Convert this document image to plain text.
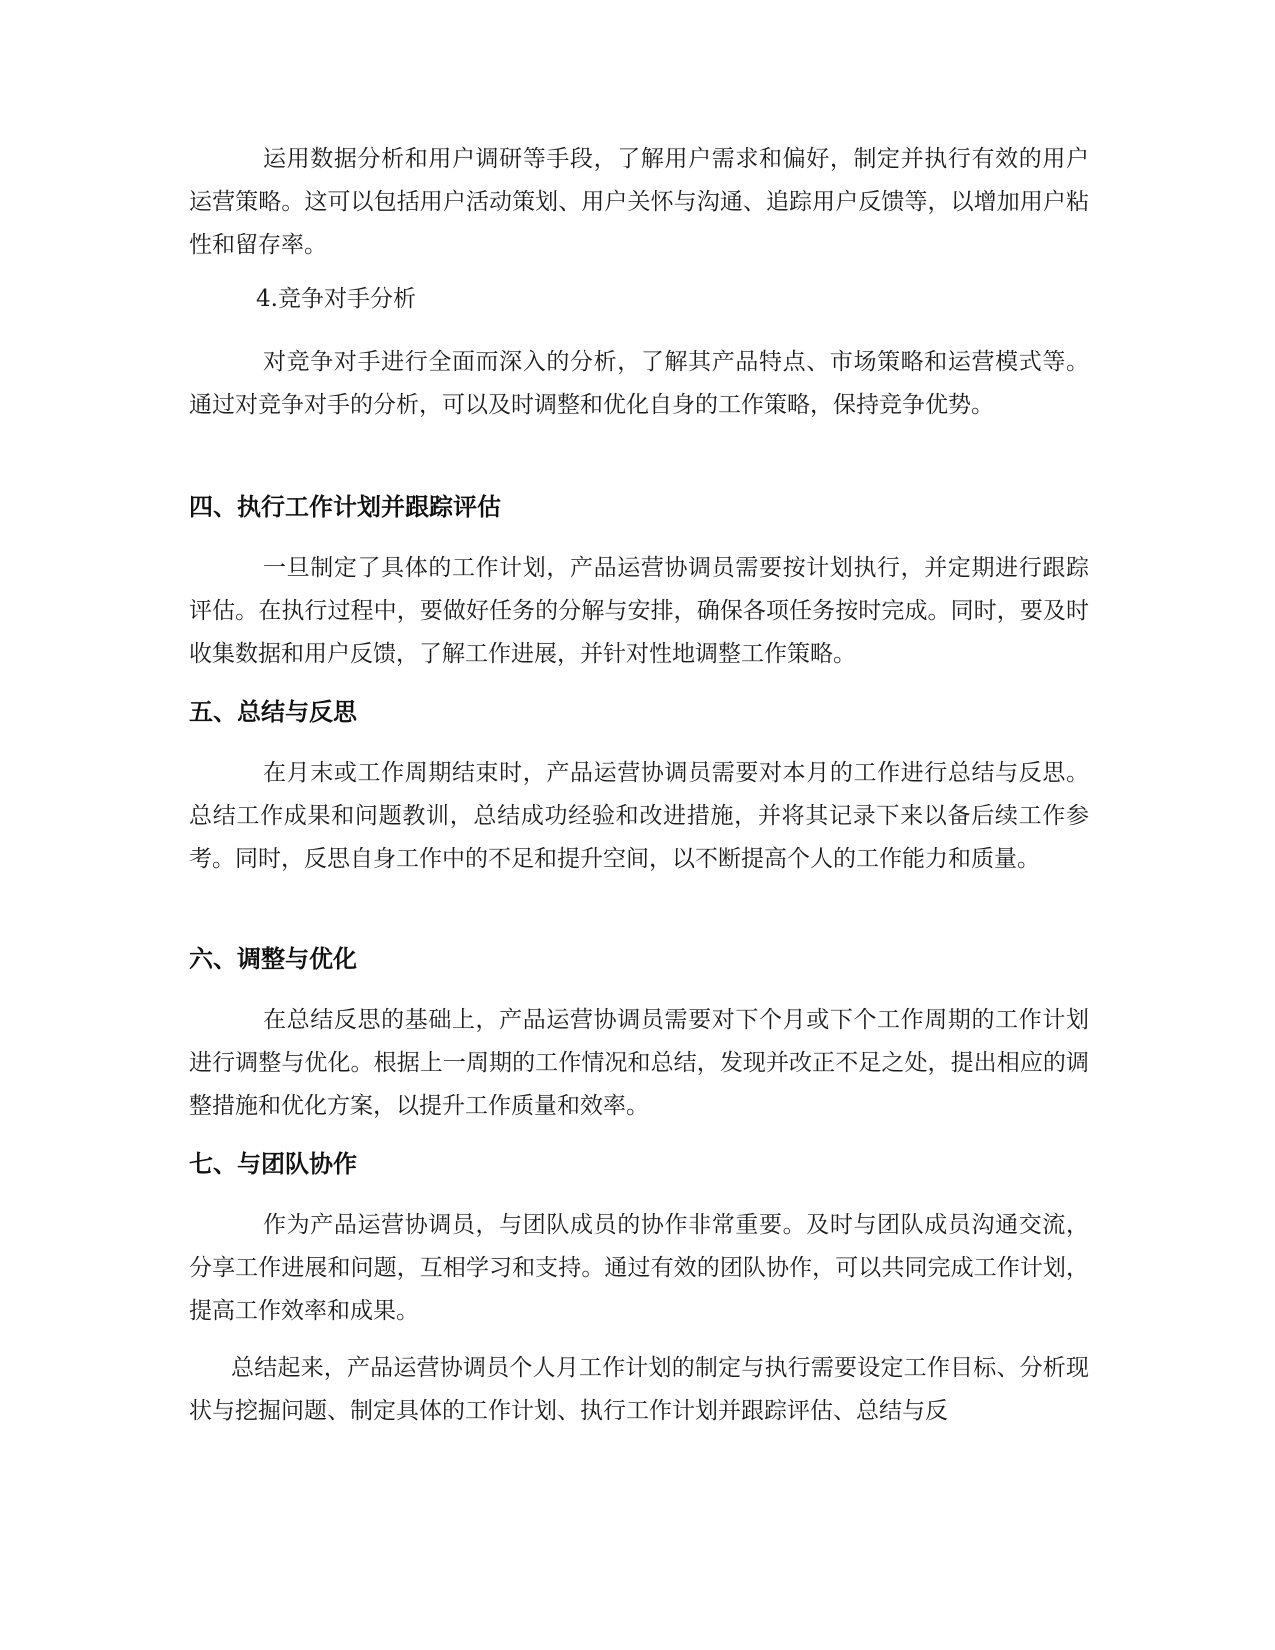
运用数据分析和用户调研等手段，了解用户需求和偏好，制定并执行有效的用户运营策略。这可以包括用户活动策划、用户关怀与沟通、追踪用户反馈等，以增加用户粘性和留存率。

4.竞争对手分析

对竞争对手进行全面而深入的分析，了解其产品特点、市场策略和运营模式等。通过对竞争对手的分析，可以及时调整和优化自身的工作策略，保持竞争优势。

四、执行工作计划并跟踪评估

一旦制定了具体的工作计划，产品运营协调员需要按计划执行，并定期进行跟踪评估。在执行过程中，要做好任务的分解与安排，确保各项任务按时完成。同时，要及时收集数据和用户反馈，了解工作进展，并针对性地调整工作策略。

五、总结与反思

在月末或工作周期结束时，产品运营协调员需要对本月的工作进行总结与反思。总结工作成果和问题教训，总结成功经验和改进措施，并将其记录下来以备后续工作参考。同时，反思自身工作中的不足和提升空间，以不断提高个人的工作能力和质量。

六、调整与优化

在总结反思的基础上，产品运营协调员需要对下个月或下个工作周期的工作计划进行调整与优化。根据上一周期的工作情况和总结，发现并改正不足之处，提出相应的调整措施和优化方案，以提升工作质量和效率。

七、与团队协作

作为产品运营协调员，与团队成员的协作非常重要。及时与团队成员沟通交流，分享工作进展和问题，互相学习和支持。通过有效的团队协作，可以共同完成工作计划，提高工作效率和成果。

总结起来，产品运营协调员个人月工作计划的制定与执行需要设定工作目标、分析现状与挖掘问题、制定具体的工作计划、执行工作计划并跟踪评估、总结与反
